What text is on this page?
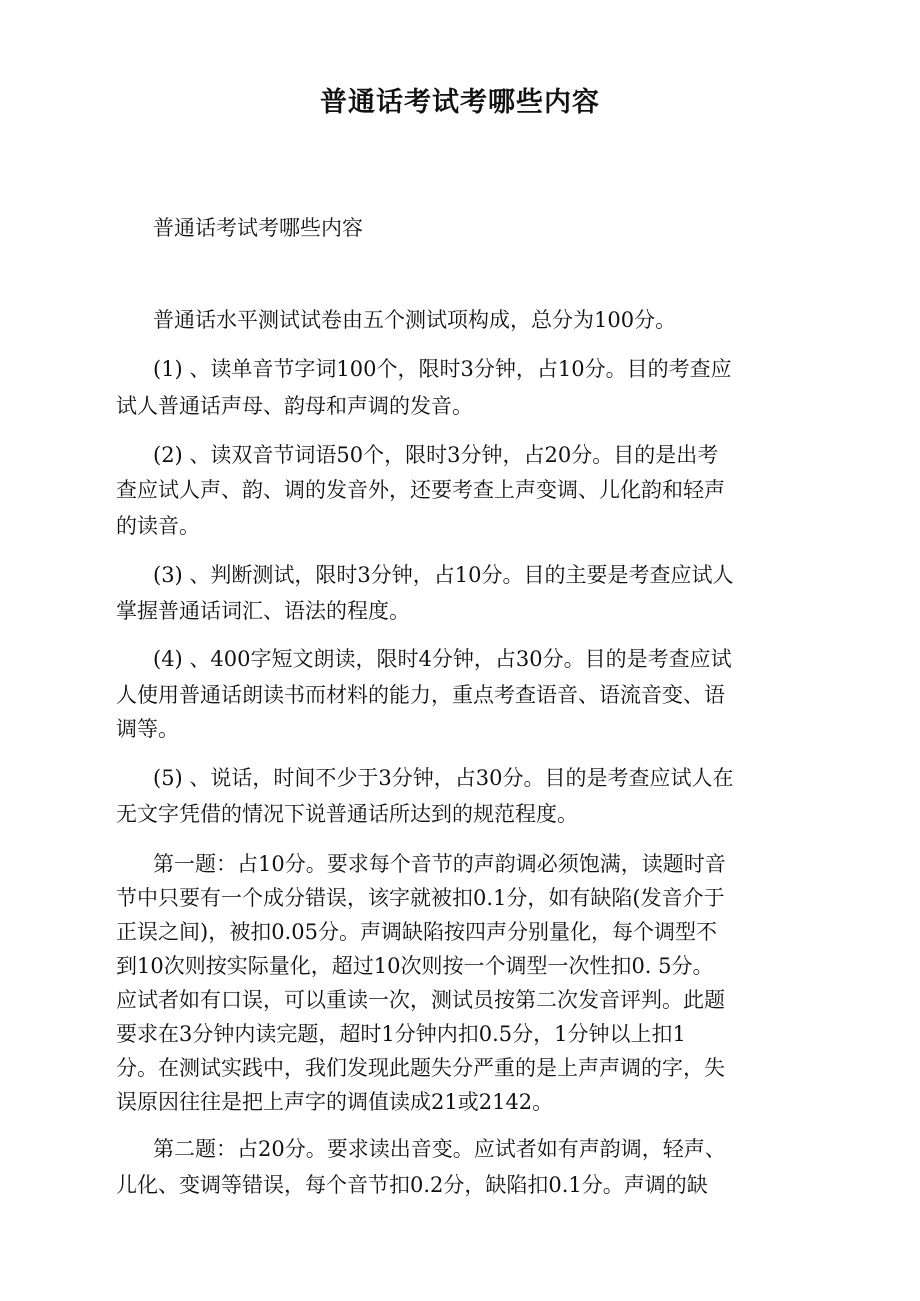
普通话考试考哪些内容
普通话考试考哪些内容
普通话水平测试试卷由五个测试项构成，总分为100分。
(1) 、读单音节字词100个，限时3分钟，占10分。目的考查应
试人普通话声母、韵母和声调的发音。
(2) 、读双音节词语50个，限时3分钟，占20分。目的是出考
查应试人声、韵、调的发音外，还要考查上声变调、儿化韵和轻声
的读音。
(3) 、判断测试，限时3分钟，占10分。目的主要是考查应试人
掌握普通话词汇、语法的程度。
(4) 、400字短文朗读，限时4分钟，占30分。目的是考查应试
人使用普通话朗读书而材料的能力，重点考查语音、语流音变、语
调等。
(5) 、说话，时间不少于3分钟，占30分。目的是考查应试人在
无文字凭借的情况下说普通话所达到的规范程度。
第一题：占10分。要求每个音节的声韵调必须饱满，读题时音
节中只要有一个成分错误，该字就被扣0.1分，如有缺陷(发音介于
正误之间)，被扣0.05分。声调缺陷按四声分别量化，每个调型不
到10次则按实际量化，超过10次则按一个调型一次性扣0. 5分。
应试者如有口误，可以重读一次，测试员按第二次发音评判。此题
要求在3分钟内读完题，超时1分钟内扣0.5分，1分钟以上扣1
分。在测试实践中，我们发现此题失分严重的是上声声调的字，失
误原因往往是把上声字的调值读成21或2142。
第二题：占20分。要求读出音变。应试者如有声韵调，轻声、
儿化、变调等错误，每个音节扣0.2分，缺陷扣0.1分。声调的缺
